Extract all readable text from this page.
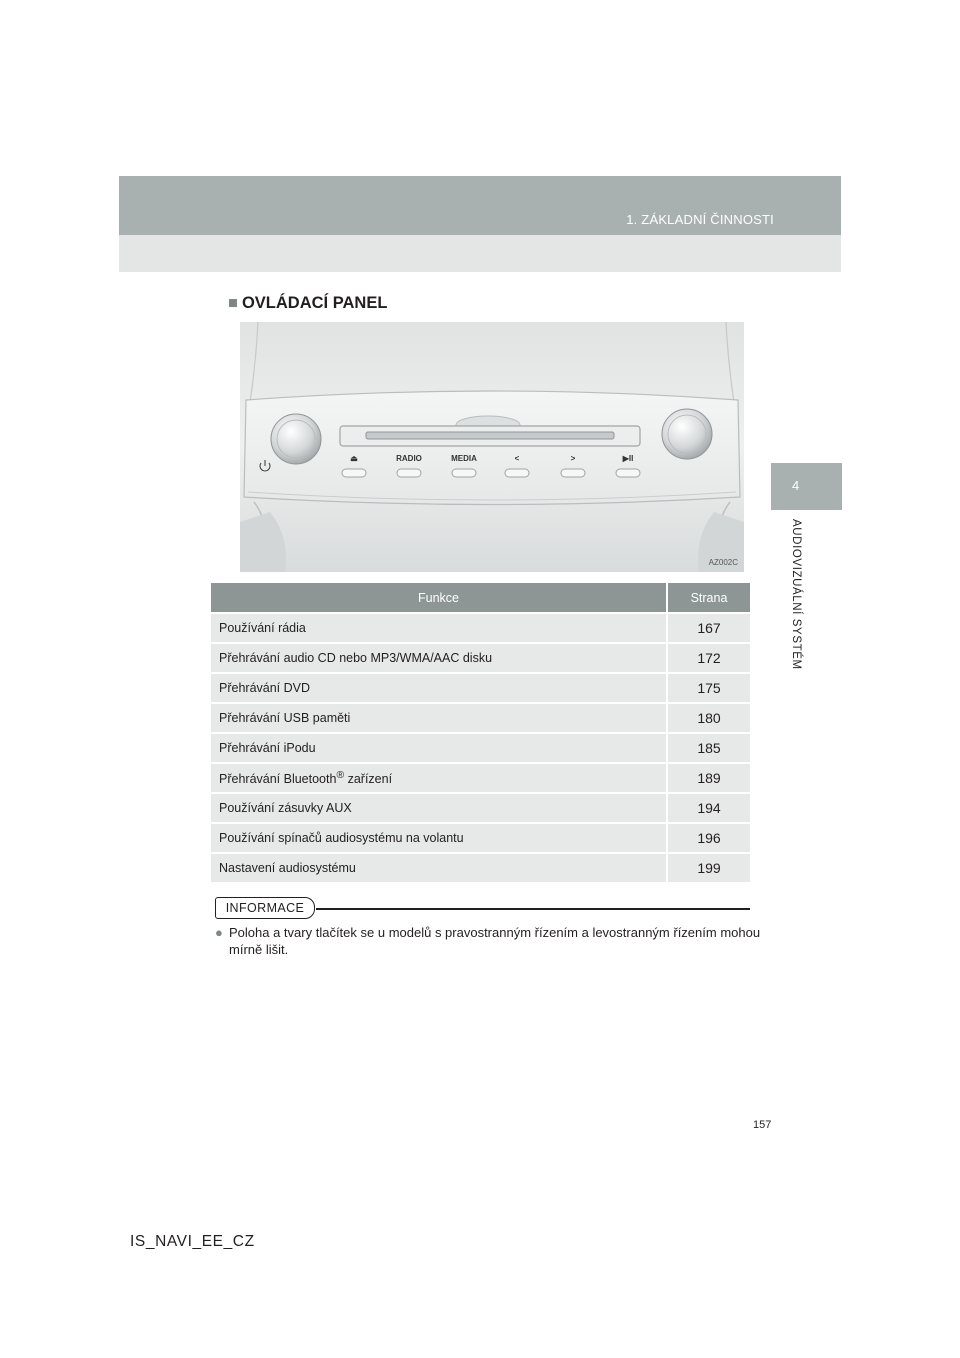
1. ZÁKLADNÍ ČINNOSTI
4
AUDIOVIZUÁLNÍ SYSTÉM
■ OVLÁDACÍ PANEL
⏏	RADIO	MEDIA	<	>	▶II
AZ002C
Funkce	Strana
Používání rádia	167
Přehrávání audio CD nebo MP3/WMA/AAC disku	172
Přehrávání DVD	175
Přehrávání USB paměti	180
Přehrávání iPodu	185
Přehrávání Bluetooth® zařízení	189
Používání zásuvky AUX	194
Používání spínačů audiosystému na volantu	196
Nastavení audiosystému	199
INFORMACE
● Poloha a tvary tlačítek se u modelů s pravostranným řízením a levostranným řízením mohou mírně lišit.
157
IS_NAVI_EE_CZ
